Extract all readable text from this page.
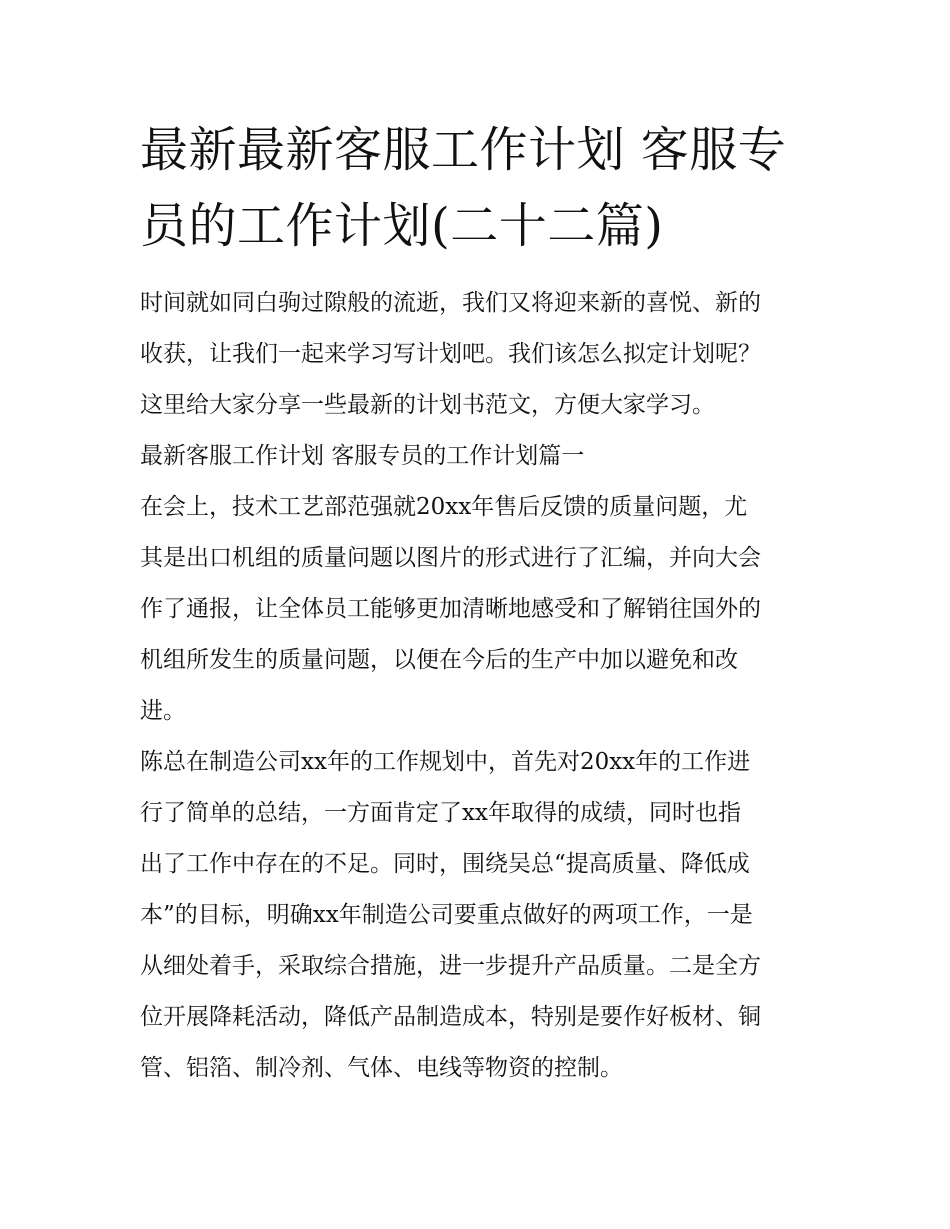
最新最新客服工作计划 客服专
员的工作计划(二十二篇)

时间就如同白驹过隙般的流逝，我们又将迎来新的喜悦、新的
收获，让我们一起来学习写计划吧。我们该怎么拟定计划呢？
这里给大家分享一些最新的计划书范文，方便大家学习。

最新客服工作计划 客服专员的工作计划篇一

在会上，技术工艺部范强就20xx年售后反馈的质量问题，尤
其是出口机组的质量问题以图片的形式进行了汇编，并向大会
作了通报，让全体员工能够更加清晰地感受和了解销往国外的
机组所发生的质量问题，以便在今后的生产中加以避免和改
进。

陈总在制造公司xx年的工作规划中，首先对20xx年的工作进
行了简单的总结，一方面肯定了xx年取得的成绩，同时也指
出了工作中存在的不足。同时，围绕吴总“提高质量、降低成
本”的目标，明确xx年制造公司要重点做好的两项工作，一是
从细处着手，采取综合措施，进一步提升产品质量。二是全方
位开展降耗活动，降低产品制造成本，特别是要作好板材、铜
管、铝箔、制冷剂、气体、电线等物资的控制。
